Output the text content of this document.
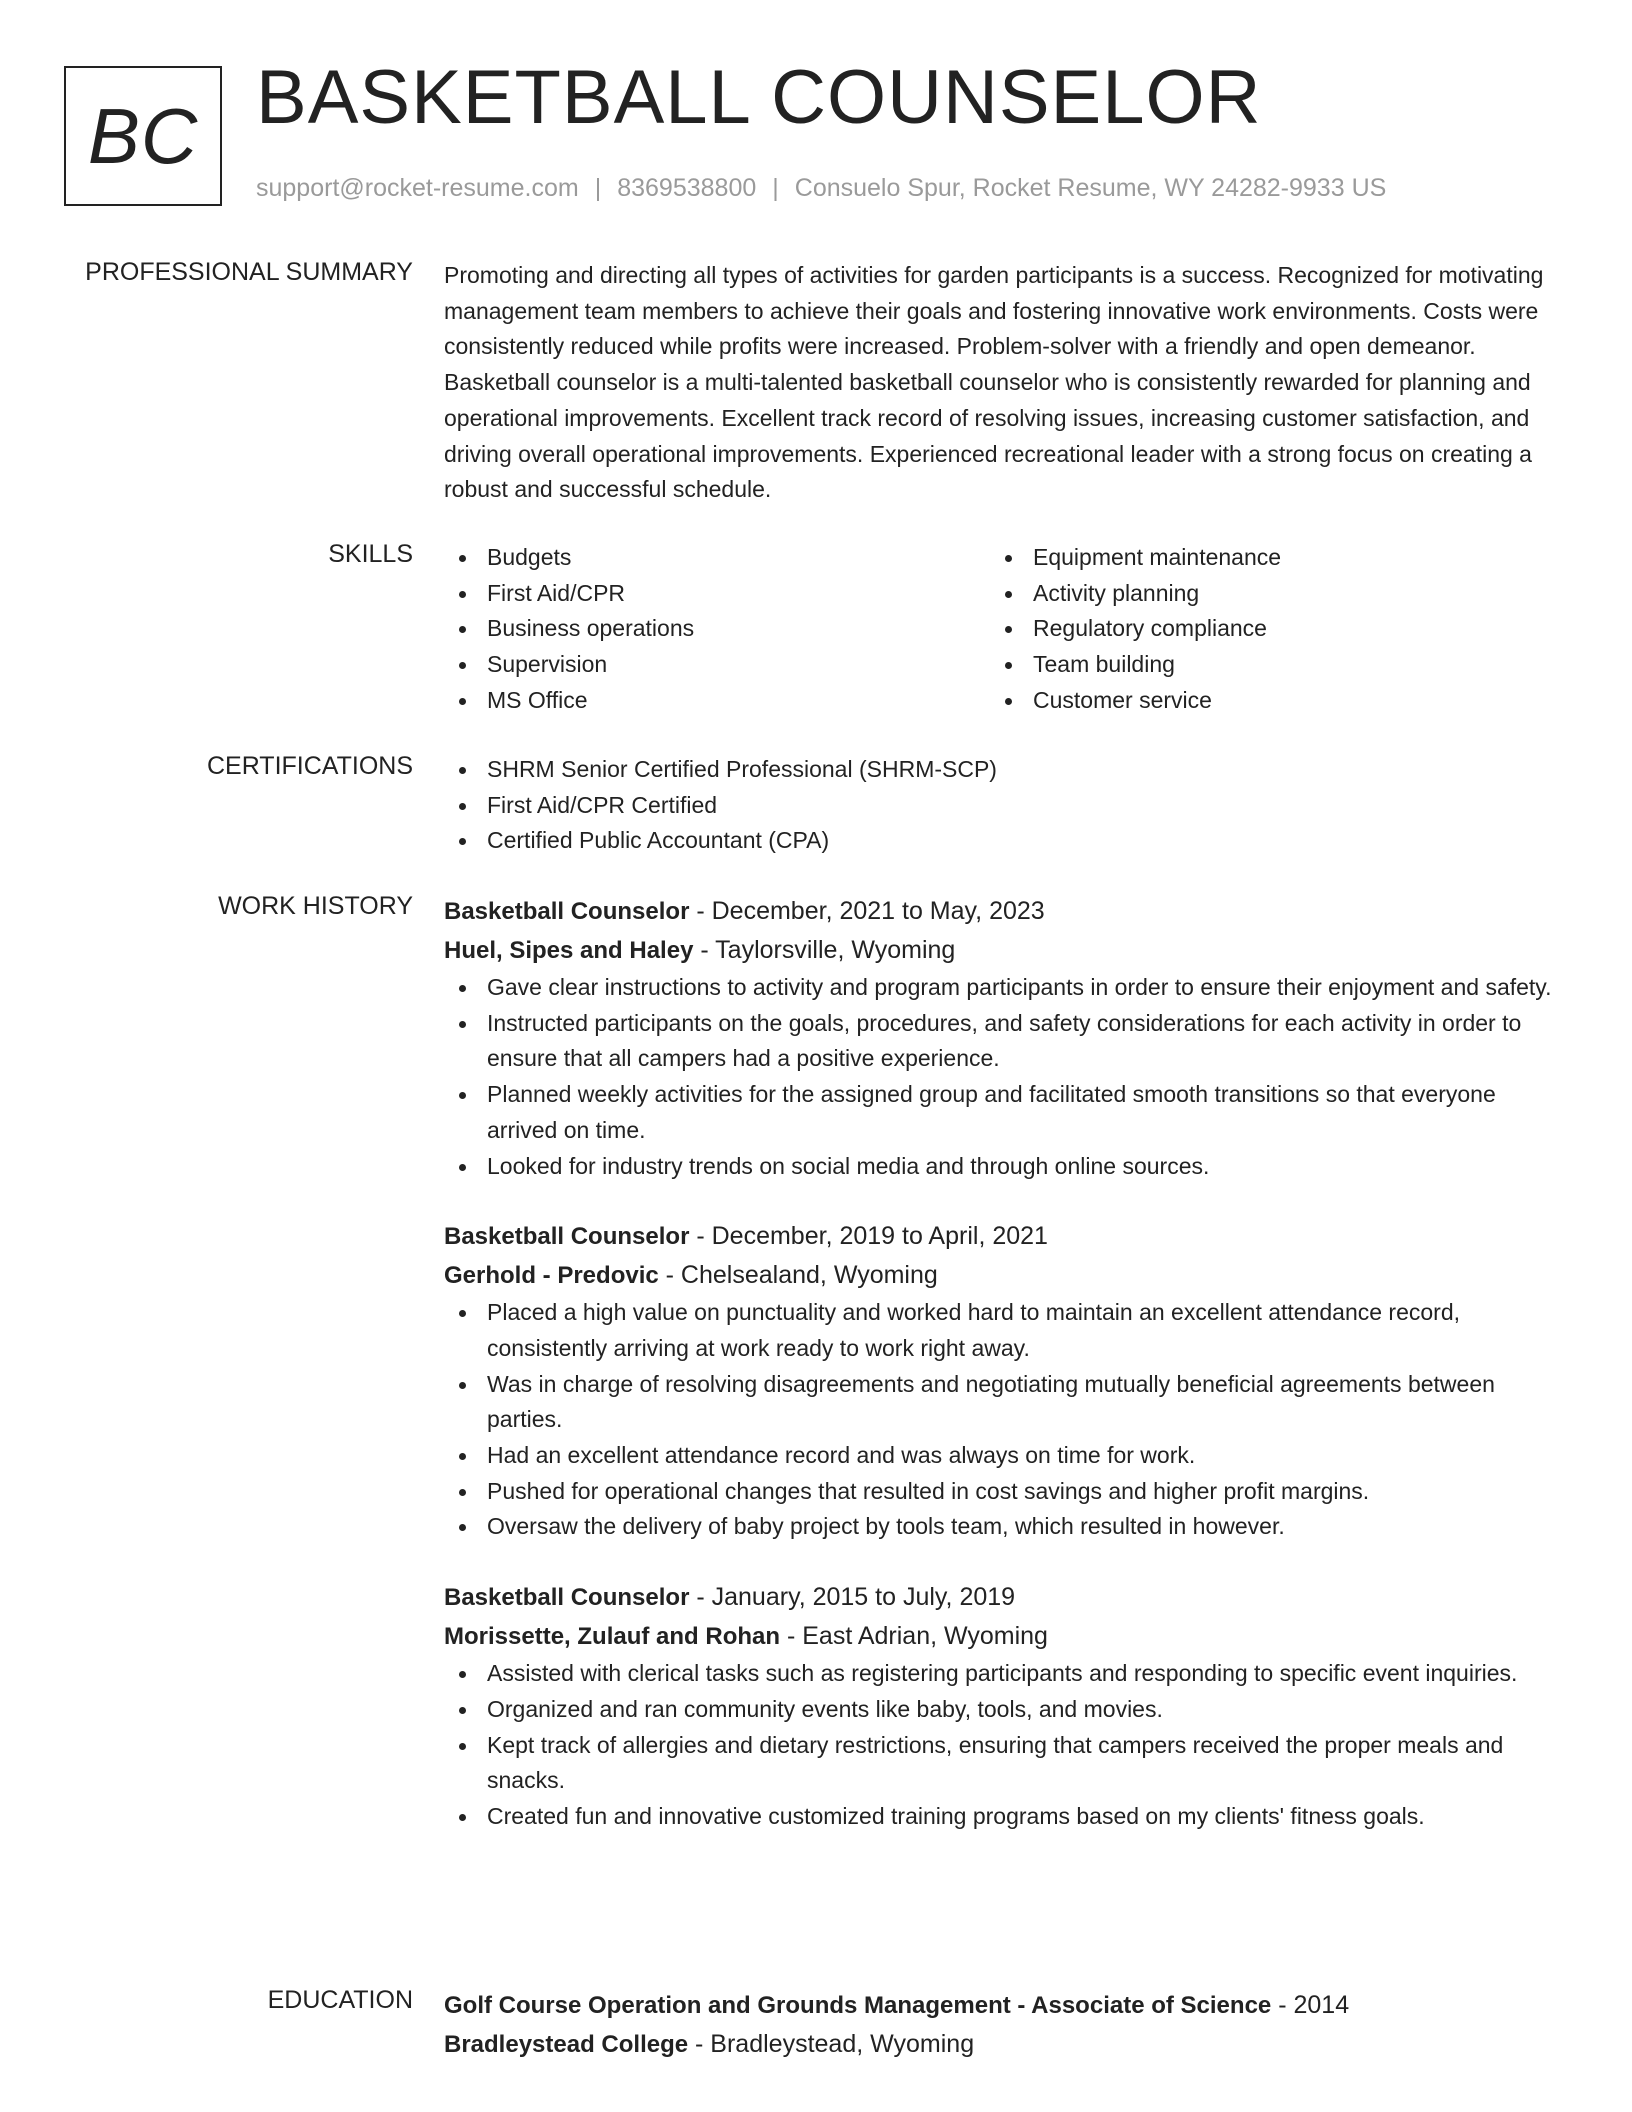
BC BASKETBALL COUNSELOR
support@rocket-resume.com | 8369538800 | Consuelo Spur, Rocket Resume, WY 24282-9933 US
PROFESSIONAL SUMMARY Promoting and directing all types of activities for garden participants is a success. Recognized for motivating management team members to achieve their goals and fostering innovative work environments. Costs were consistently reduced while profits were increased. Problem-solver with a friendly and open demeanor. Basketball counselor is a multi-talented basketball counselor who is consistently rewarded for planning and operational improvements. Excellent track record of resolving issues, increasing customer satisfaction, and driving overall operational improvements. Experienced recreational leader with a strong focus on creating a robust and successful schedule.

SKILLS	Budgets
First Aid/CPR
Business operations
Supervision
MS Office
Equipment maintenance
Activity planning
Regulatory compliance
Team building
Customer service
CERTIFICATIONS	SHRM Senior Certified Professional (SHRM-SCP)
First Aid/CPR Certified
Certified Public Accountant (CPA)
WORK HISTORY Basketball Counselor - December, 2021 to May, 2023
Huel, Sipes and Haley - Taylorsville, Wyoming
Gave clear instructions to activity and program participants in order to ensure their enjoyment and safety.
Instructed participants on the goals, procedures, and safety considerations for each activity in order to ensure that all campers had a positive experience.
Planned weekly activities for the assigned group and facilitated smooth transitions so that everyone arrived on time.
Looked for industry trends on social media and through online sources.
Basketball Counselor - December, 2019 to April, 2021
Gerhold - Predovic - Chelsealand, Wyoming
Placed a high value on punctuality and worked hard to maintain an excellent attendance record, consistently arriving at work ready to work right away.
Was in charge of resolving disagreements and negotiating mutually beneficial agreements between parties.
Had an excellent attendance record and was always on time for work.
Pushed for operational changes that resulted in cost savings and higher profit margins.
Oversaw the delivery of baby project by tools team, which resulted in however.
Basketball Counselor - January, 2015 to July, 2019
Morissette, Zulauf and Rohan - East Adrian, Wyoming
Assisted with clerical tasks such as registering participants and responding to specific event inquiries.
Organized and ran community events like baby, tools, and movies.
Kept track of allergies and dietary restrictions, ensuring that campers received the proper meals and snacks.
Created fun and innovative customized training programs based on my clients' fitness goals.
EDUCATION Golf Course Operation and Grounds Management - Associate of Science - 2014
Bradleystead College - Bradleystead, Wyoming
